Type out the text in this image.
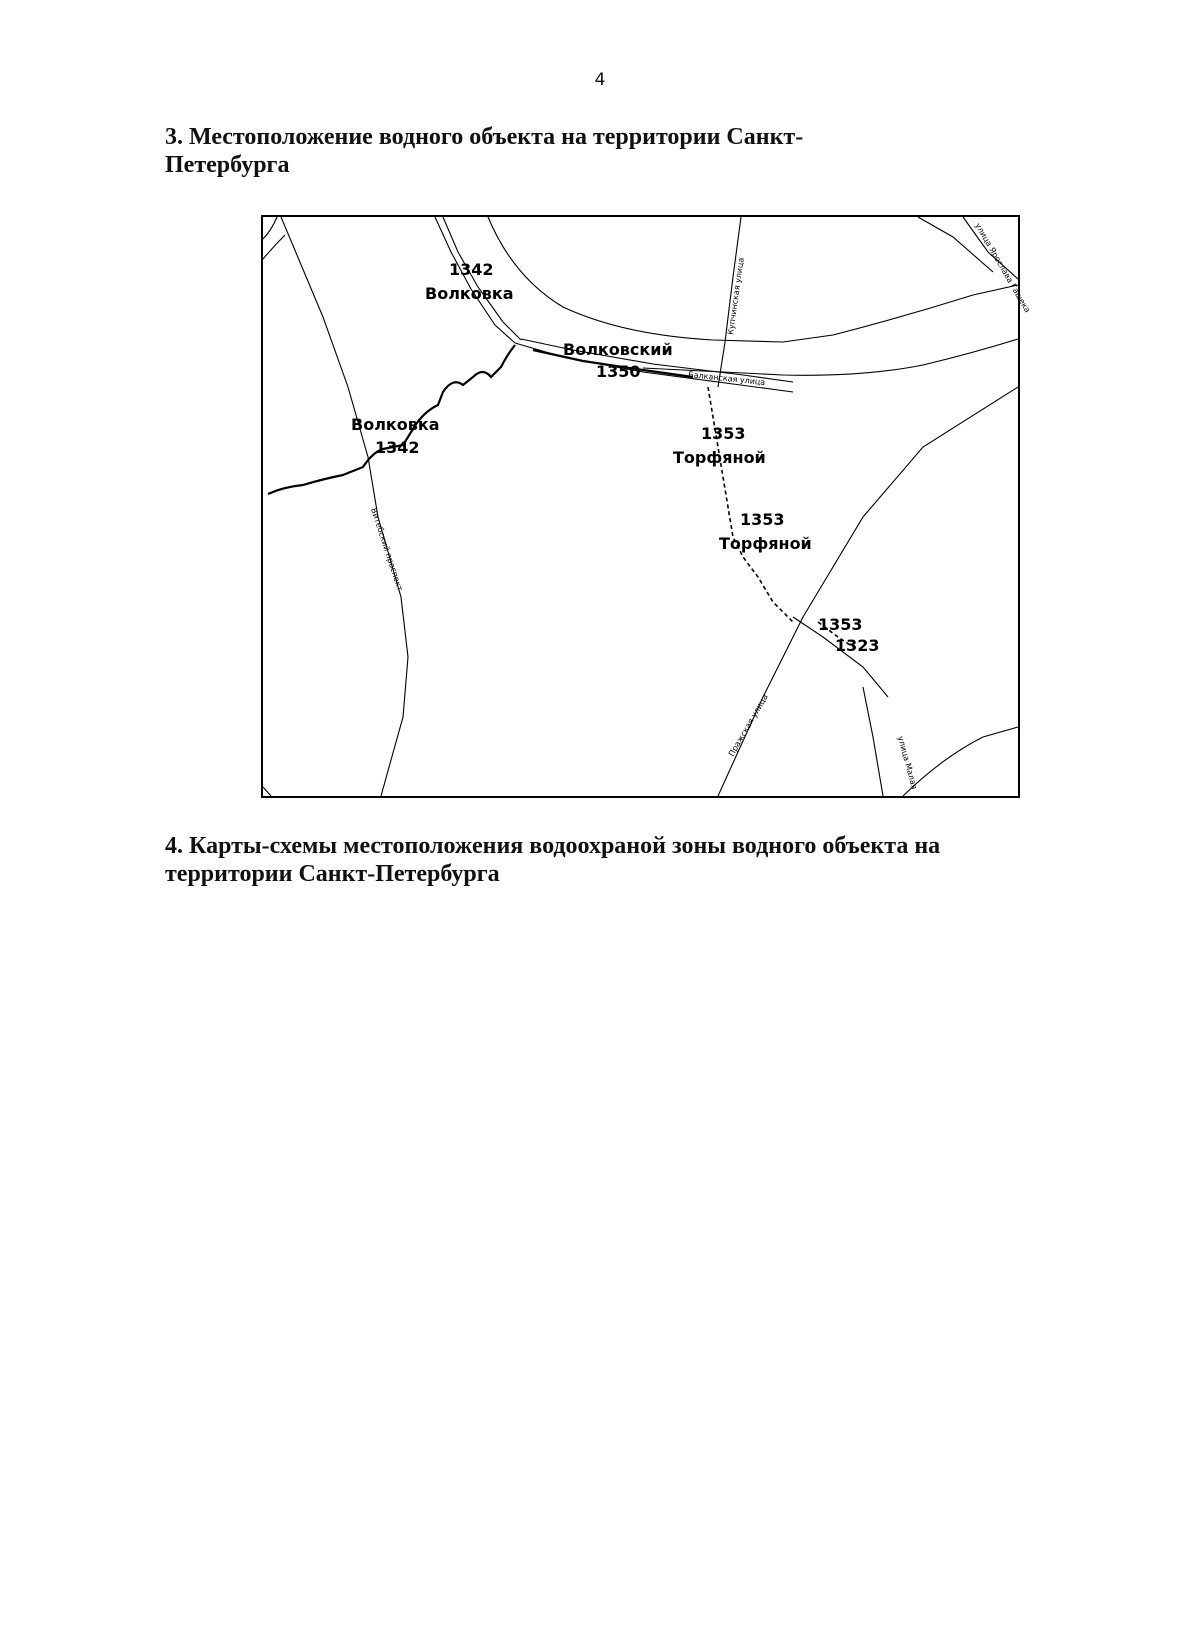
4
3. Местоположение водного объекта на территории Санкт-Петербурга
1342
Волковка
Волковский
1350
Волковка
1342
1353
Торфяной
1353
Торфяной
1353
1323
Купчинская улица
Балканская улица
Витебский проспект
Пражская улица
улица Ярослава Гашека
улица Малая
4. Карты-схемы местоположения водоохраной зоны водного объекта на территории Санкт-Петербурга
